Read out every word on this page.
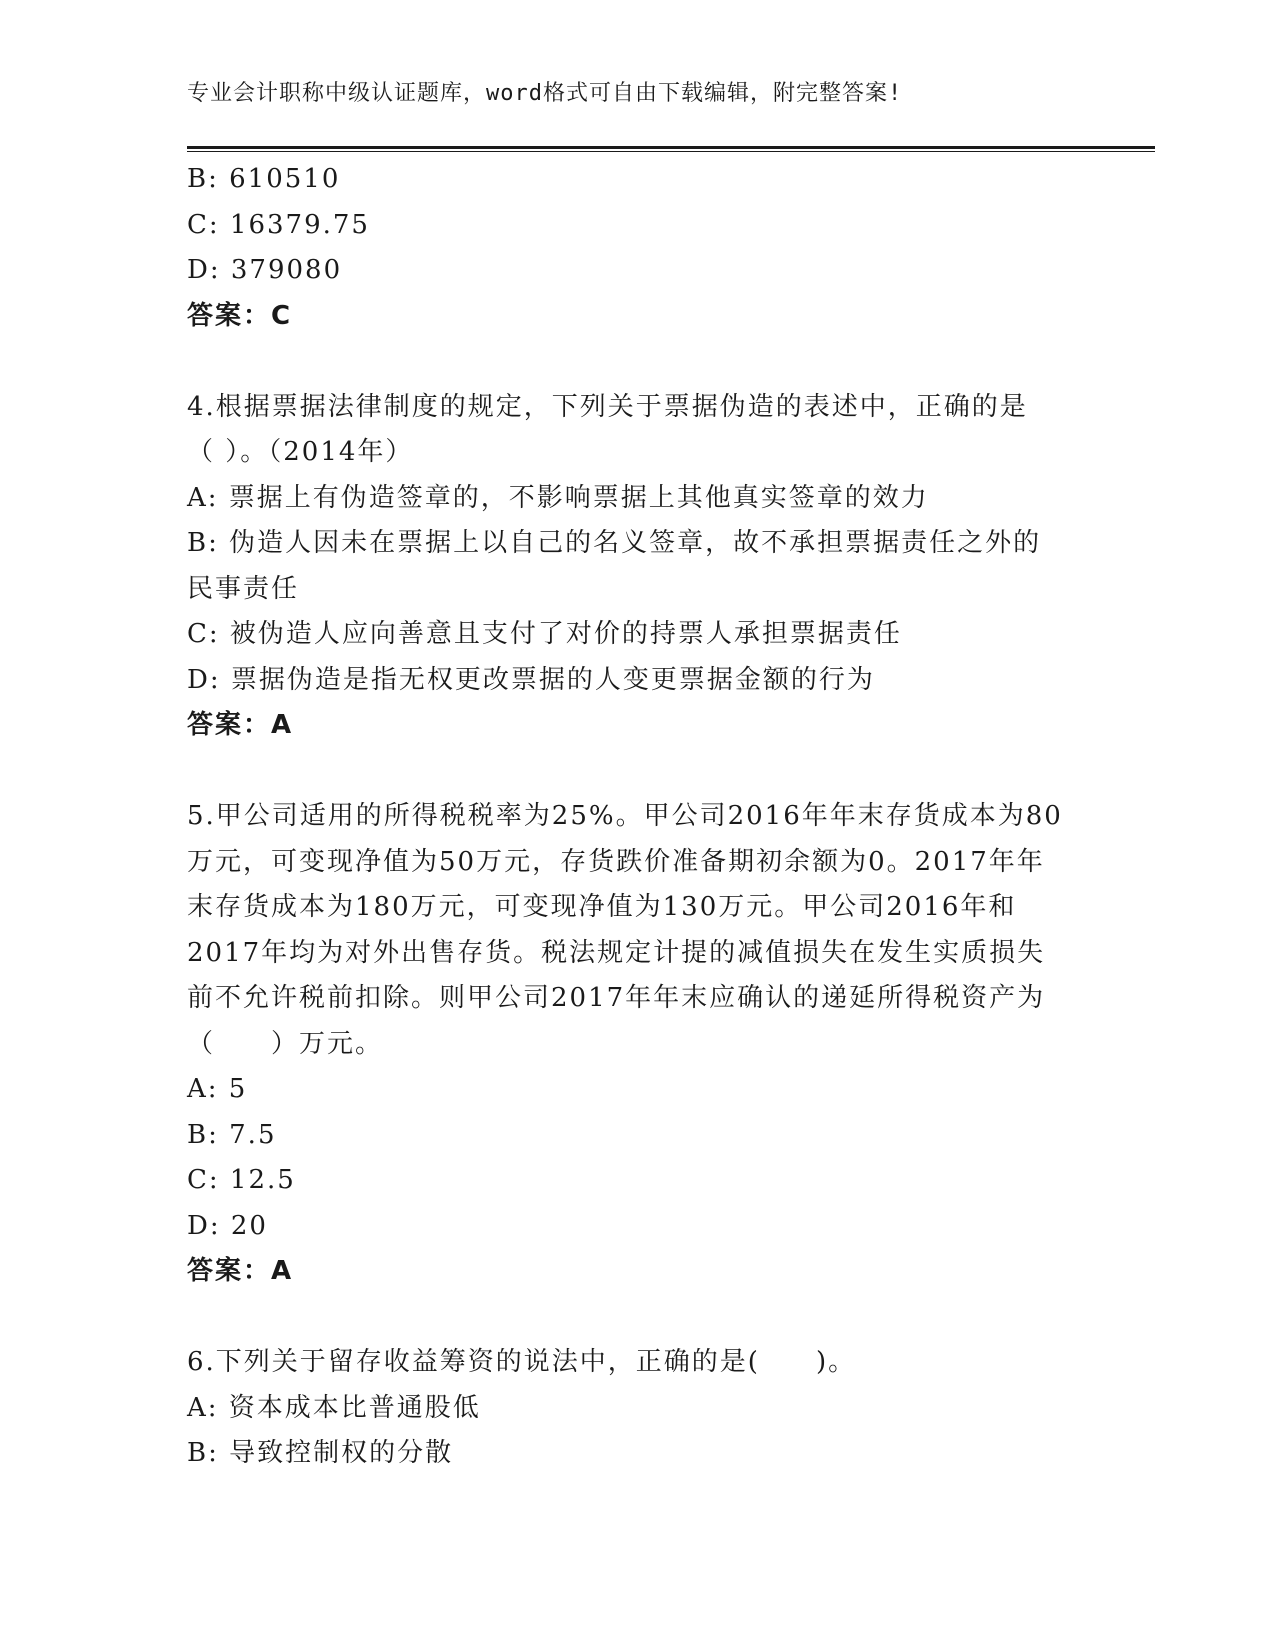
专业会计职称中级认证题库，word格式可自由下载编辑，附完整答案!
B: 610510
C: 16379.75
D: 379080
答案：C
4.根据票据法律制度的规定，下列关于票据伪造的表述中，正确的是
（ ）。（2014年）
A: 票据上有伪造签章的，不影响票据上其他真实签章的效力
B: 伪造人因未在票据上以自己的名义签章，故不承担票据责任之外的
民事责任
C: 被伪造人应向善意且支付了对价的持票人承担票据责任
D: 票据伪造是指无权更改票据的人变更票据金额的行为
答案：A
5.甲公司适用的所得税税率为25%。甲公司2016年年末存货成本为80
万元，可变现净值为50万元，存货跌价准备期初余额为0。2017年年
末存货成本为180万元，可变现净值为130万元。甲公司2016年和
2017年均为对外出售存货。税法规定计提的减值损失在发生实质损失
前不允许税前扣除。则甲公司2017年年末应确认的递延所得税资产为
（　　）万元。
A: 5
B: 7.5
C: 12.5
D: 20
答案：A
6.下列关于留存收益筹资的说法中，正确的是(　　)。
A: 资本成本比普通股低
B: 导致控制权的分散
